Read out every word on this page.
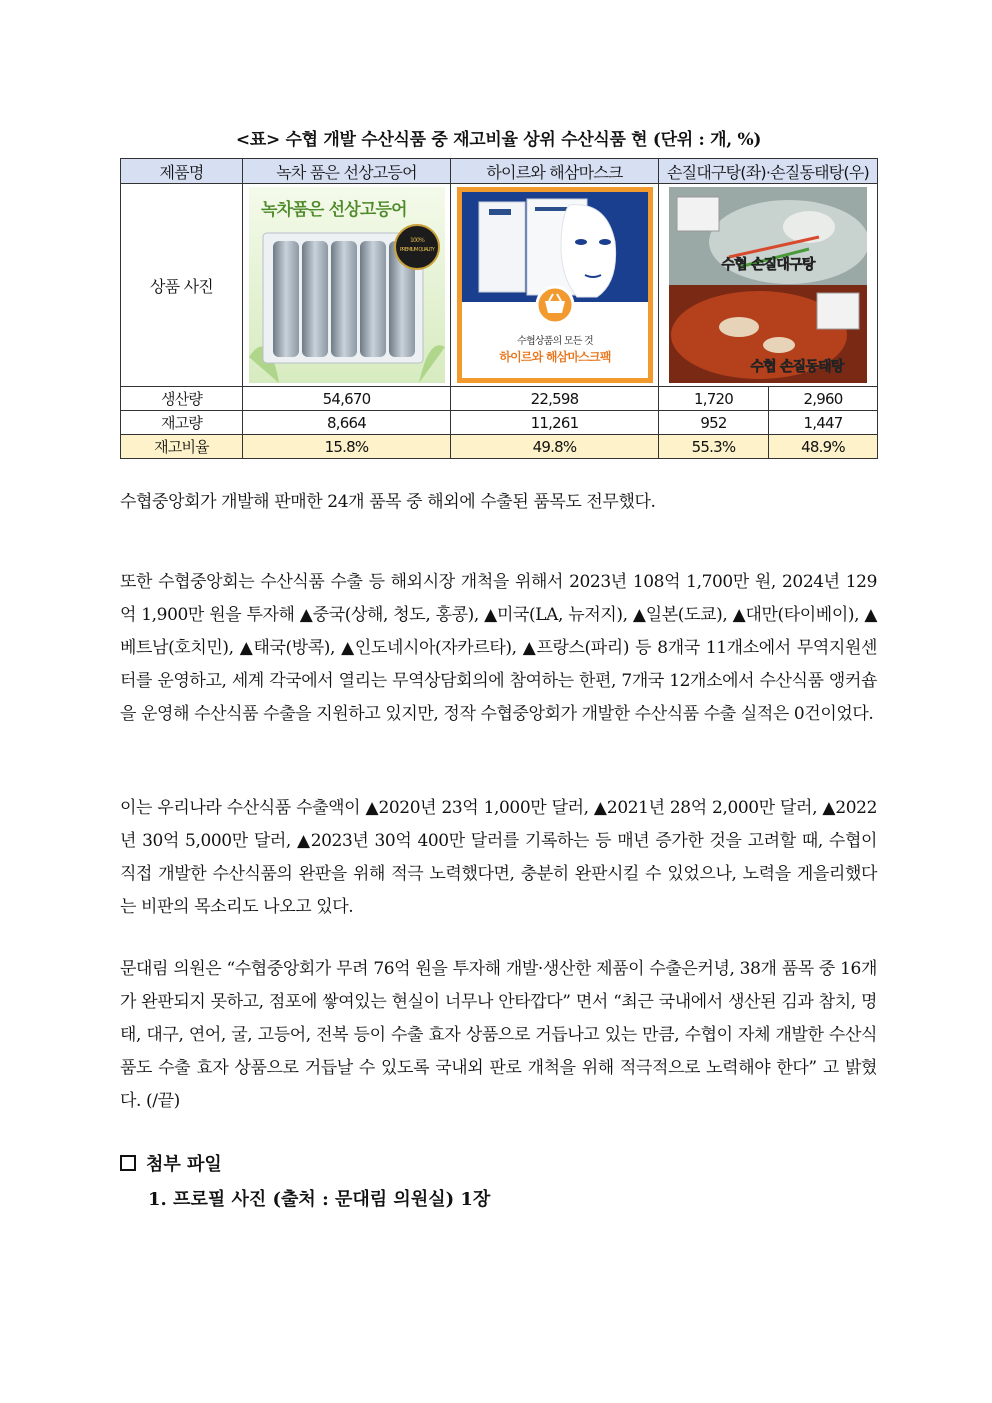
<표> 수협 개발 수산식품 중 재고비율 상위 수산식품 현 (단위 : 개, %)
제품명	녹차 품은 선상고등어	하이르와 해삼마스크	손질대구탕(좌)·손질동태탕(우)	
상품 사진	녹차품은 선상고등어
100%
PREMIUM QUALITY	수협상품의 모든 것
하이르와 해삼마스크팩	수협 손질대구탕
수협 손질동태탕	

생산량	54,670	22,598	1,720	2,960
재고량	8,664	11,261	952	1,447
재고비율	15.8%	49.8%	55.3%	48.9%

수협중앙회가 개발해 판매한 24개 품목 중 해외에 수출된 품목도 전무했다.

또한 수협중앙회는 수산식품 수출 등 해외시장 개척을 위해서 2023년 108억 1,700만 원, 2024년 129억 1,900만 원을 투자해 ▲중국(상해, 청도, 홍콩), ▲미국(LA, 뉴저지), ▲일본(도쿄), ▲대만(타이베이), ▲베트남(호치민), ▲태국(방콕), ▲인도네시아(자카르타), ▲프랑스(파리) 등 8개국 11개소에서 무역지원센터를 운영하고, 세계 각국에서 열리는 무역상담회의에 참여하는 한편, 7개국 12개소에서 수산식품 앵커숍을 운영해 수산식품 수출을 지원하고 있지만, 정작 수협중앙회가 개발한 수산식품 수출 실적은 0건이었다.

이는 우리나라 수산식품 수출액이 ▲2020년 23억 1,000만 달러, ▲2021년 28억 2,000만 달러, ▲2022년 30억 5,000만 달러, ▲2023년 30억 400만 달러를 기록하는 등 매년 증가한 것을 고려할 때, 수협이 직접 개발한 수산식품의 완판을 위해 적극 노력했다면, 충분히 완판시킬 수 있었으나, 노력을 게을리했다는 비판의 목소리도 나오고 있다.

문대림 의원은 “수협중앙회가 무려 76억 원을 투자해 개발·생산한 제품이 수출은커녕, 38개 품목 중 16개가 완판되지 못하고, 점포에 쌓여있는 현실이 너무나 안타깝다” 면서 “최근 국내에서 생산된 김과 참치, 명태, 대구, 연어, 굴, 고등어, 전복 등이 수출 효자 상품으로 거듭나고 있는 만큼, 수협이 자체 개발한 수산식품도 수출 효자 상품으로 거듭날 수 있도록 국내외 판로 개척을 위해 적극적으로 노력해야 한다” 고 밝혔다. (/끝)

첨부 파일
1. 프로필 사진 (출처 : 문대림 의원실) 1장
